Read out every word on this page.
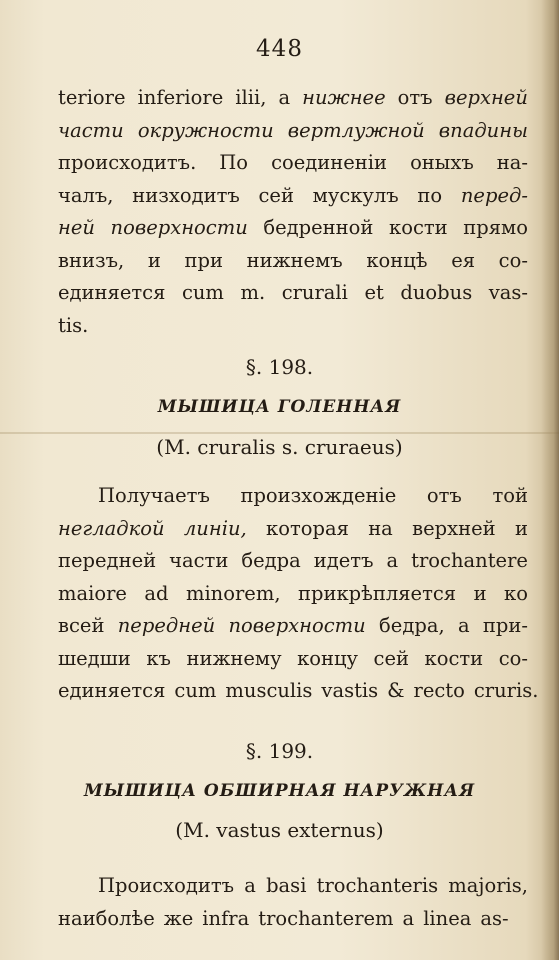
448
terіore inferiore ilii, а нижнее отъ верхней
части окружности вертлужной впадины
происходитъ. По соединенiи оныхъ на-
чалъ, низходитъ сей мускулъ по перед-
ней поверхности бедренной кости прямо
внизъ, и при нижнемъ концѣ ея со-
единяется cum m. crurali et duobus vas-
tis.
§. 198.
МЫШИЦА ГОЛЕННАЯ
(M. cruralis s. cruraeus)
Получаетъ произхожденіе отъ той
негладкой линіи, которая на верхней и
передней части бедра идетъ a trochantere
maiore ad minorem, прикрѣпляется и ко
всей передней поверхности бедра, а при-
шедши къ нижнему концу сей кости со-
единяется cum musculis vastis & recto cruris.
§. 199.
МЫШИЦА ОБШИРНАЯ НАРУЖНАЯ
(M. vastus externus)
Происходитъ a basi trochanteris majoris,
наиболѣе же infra trochanterem a linea as-
